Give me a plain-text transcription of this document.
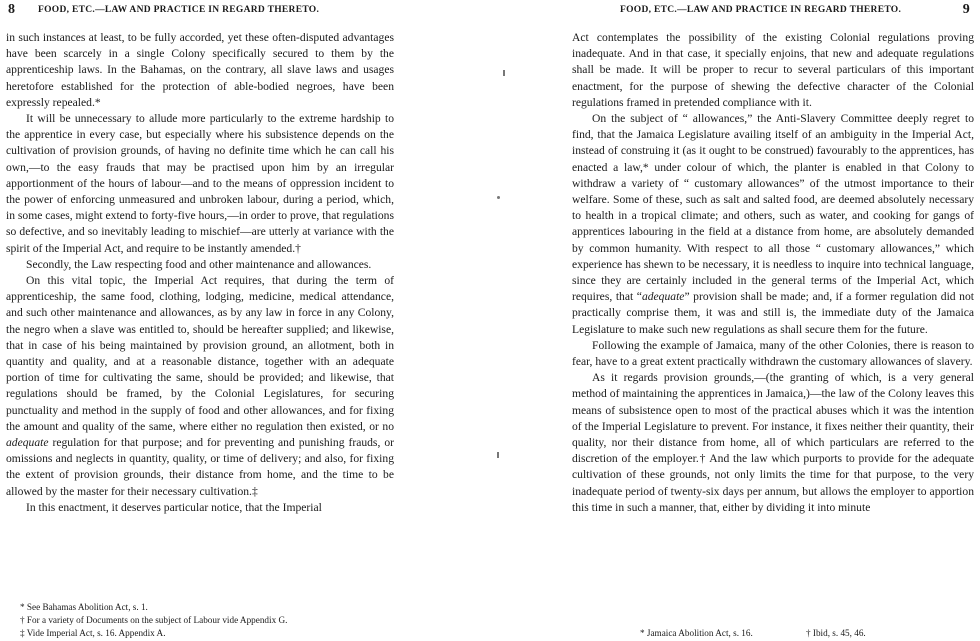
8 FOOD, ETC.—LAW AND PRACTICE IN REGARD THERETO.

in such instances at least, to be fully accorded, yet these often-disputed advantages have been scarcely in a single Colony specifically secured to them by the apprenticeship laws. In the Bahamas, on the contrary, all slave laws and usages heretofore established for the protection of able-bodied negroes, have been expressly repealed.*

It will be unnecessary to allude more particularly to the extreme hardship to the apprentice in every case, but especially where his subsistence depends on the cultivation of provision grounds, of having no definite time which he can call his own,—to the easy frauds that may be practised upon him by an irregular apportionment of the hours of labour—and to the means of oppression incident to the power of enforcing unmeasured and unbroken labour, during a period, which, in some cases, might extend to forty-five hours,—in order to prove, that regulations so defective, and so inevitably leading to mischief—are utterly at variance with the spirit of the Imperial Act, and require to be instantly amended.†

Secondly, the Law respecting food and other maintenance and allowances.

On this vital topic, the Imperial Act requires, that during the term of apprenticeship, the same food, clothing, lodging, medicine, medical attendance, and such other maintenance and allowances, as by any law in force in any Colony, the negro when a slave was entitled to, should be hereafter supplied; and likewise, that in case of his being maintained by provision ground, an allotment, both in quantity and quality, and at a reasonable distance, together with an adequate portion of time for cultivating the same, should be provided; and likewise, that regulations should be framed, by the Colonial Legislatures, for securing punctuality and method in the supply of food and other allowances, and for fixing the amount and quality of the same, where either no regulation then existed, or no adequate regulation for that purpose; and for preventing and punishing frauds, or omissions and neglects in quantity, quality, or time of delivery; and also, for fixing the extent of provision grounds, their distance from home, and the time to be allowed by the master for their necessary cultivation.‡

In this enactment, it deserves particular notice, that the Imperial

* See Bahamas Abolition Act, s. 1.
† For a variety of Documents on the subject of Labour vide Appendix G.
‡ Vide Imperial Act, s. 16. Appendix A.
FOOD, ETC.—LAW AND PRACTICE IN REGARD THERETO.	9

Act contemplates the possibility of the existing Colonial regulations proving inadequate. And in that case, it specially enjoins, that new and adequate regulations shall be made. It will be proper to recur to several particulars of this important enactment, for the purpose of shewing the defective character of the Colonial regulations framed in pretended compliance with it.

On the subject of “ allowances,” the Anti-Slavery Committee deeply regret to find, that the Jamaica Legislature availing itself of an ambiguity in the Imperial Act, instead of construing it (as it ought to be construed) favourably to the apprentices, has enacted a law,* under colour of which, the planter is enabled in that Colony to withdraw a variety of “ customary allowances” of the utmost importance to their welfare. Some of these, such as salt and salted food, are deemed absolutely necessary to health in a tropical climate; and others, such as water, and cooking for gangs of apprentices labouring in the field at a distance from home, are absolutely demanded by common humanity. With respect to all those “ customary allowances,” which experience has shewn to be necessary, it is needless to inquire into technical language, since they are certainly included in the general terms of the Imperial Act, which requires, that “adequate” provision shall be made; and, if a former regulation did not practically comprise them, it was and still is, the immediate duty of the Jamaica Legislature to make such new regulations as shall secure them for the future.

Following the example of Jamaica, many of the other Colonies, there is reason to fear, have to a great extent practically withdrawn the customary allowances of slavery.

As it regards provision grounds,—(the granting of which, is a very general method of maintaining the apprentices in Jamaica,)—the law of the Colony leaves this means of subsistence open to most of the practical abuses which it was the intention of the Imperial Legislature to prevent. For instance, it fixes neither their quantity, their quality, nor their distance from home, all of which particulars are referred to the discretion of the employer.† And the law which purports to provide for the adequate cultivation of these grounds, not only limits the time for that purpose, to the very inadequate period of twenty-six days per annum, but allows the employer to apportion this time in such a manner, that, either by dividing it into minute

* Jamaica Abolition Act, s. 16.	† Ibid, s. 45, 46.
